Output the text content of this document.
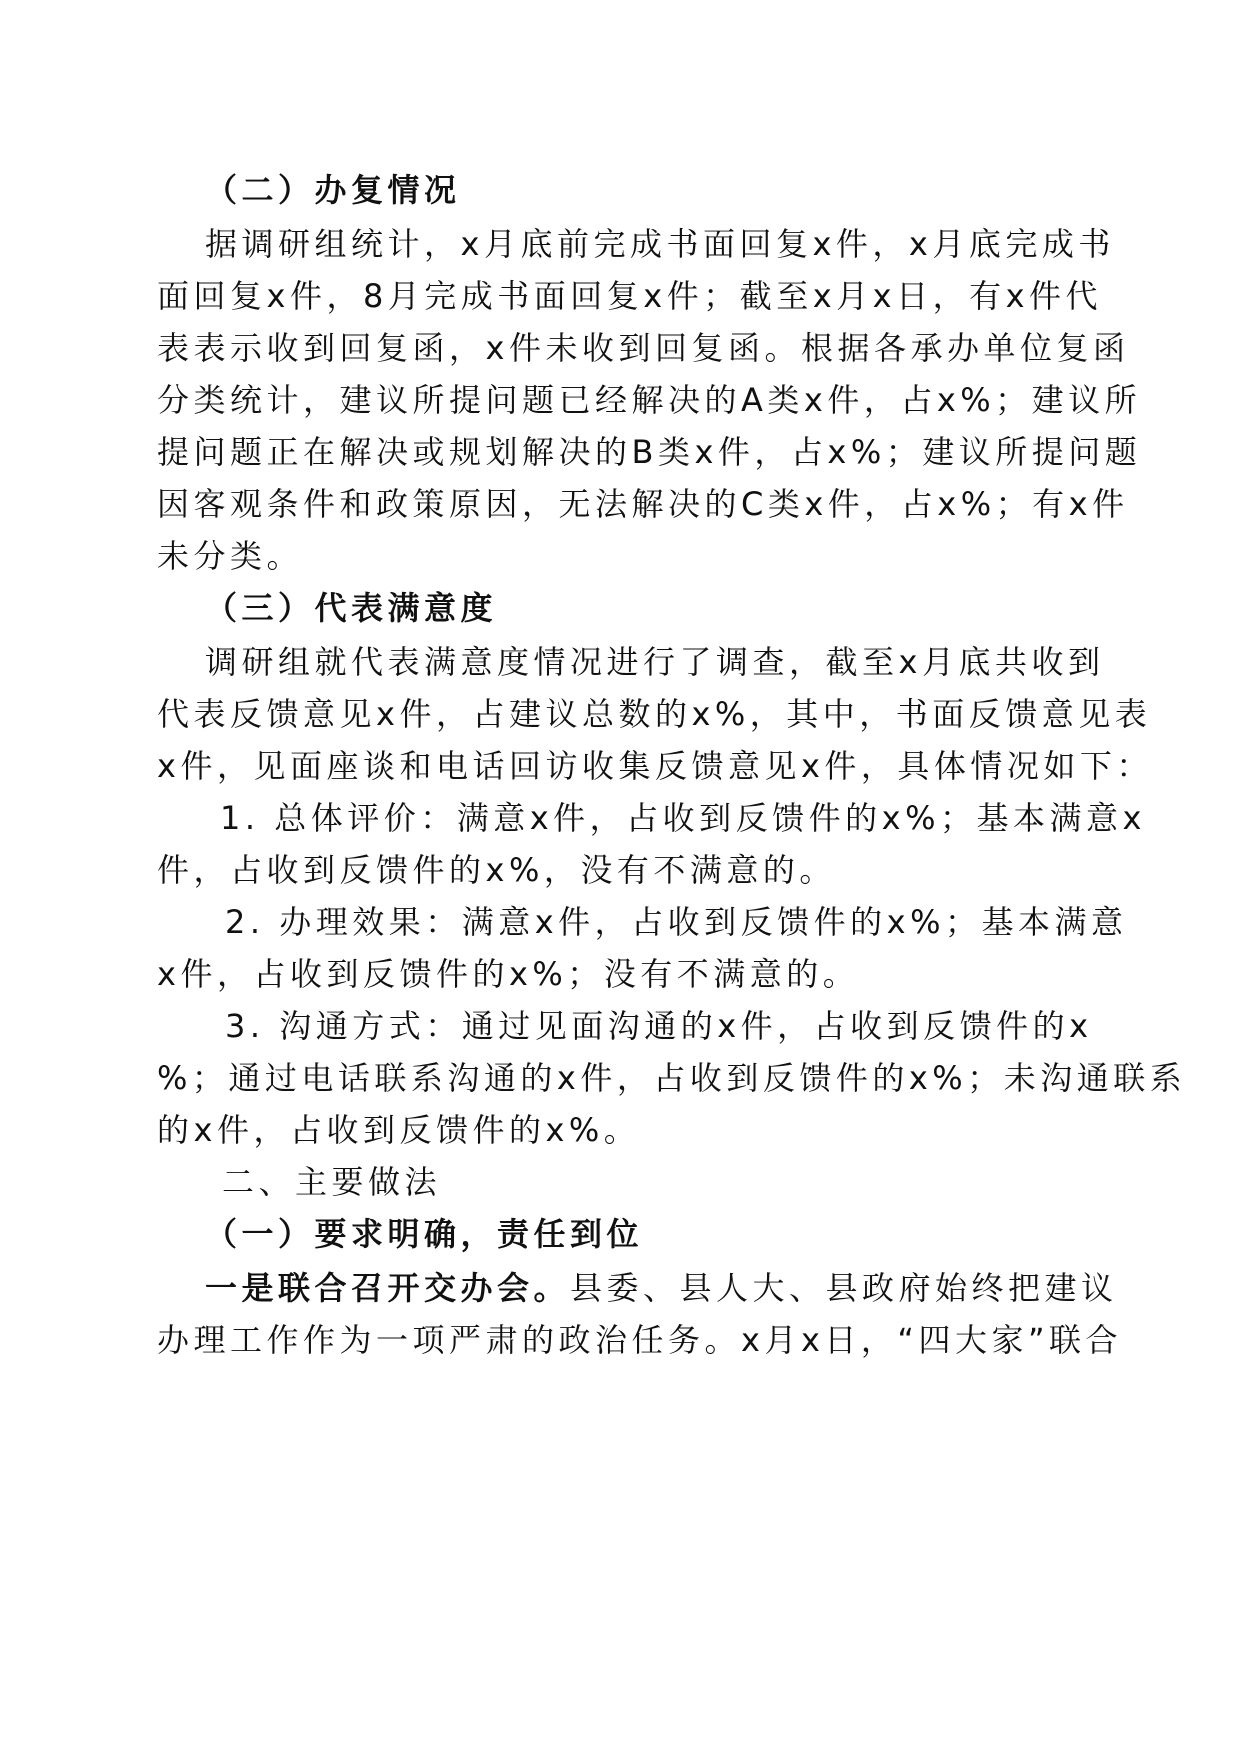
（二）办复情况
据调研组统计，x月底前完成书面回复x件，x月底完成书
面回复x件，8月完成书面回复x件；截至x月x日，有x件代
表表示收到回复函，x件未收到回复函。根据各承办单位复函
分类统计，建议所提问题已经解决的A类x件，占x%；建议所
提问题正在解决或规划解决的B类x件，占x%；建议所提问题
因客观条件和政策原因，无法解决的C类x件，占x%；有x件
未分类。
（三）代表满意度
调研组就代表满意度情况进行了调查，截至x月底共收到
代表反馈意见x件，占建议总数的x%，其中，书面反馈意见表
x件，见面座谈和电话回访收集反馈意见x件，具体情况如下：
1. 总体评价：满意x件，占收到反馈件的x%；基本满意x
件，占收到反馈件的x%，没有不满意的。
2. 办理效果：满意x件，占收到反馈件的x%；基本满意
x件，占收到反馈件的x%；没有不满意的。
3. 沟通方式：通过见面沟通的x件，占收到反馈件的x
%；通过电话联系沟通的x件，占收到反馈件的x%；未沟通联系
的x件，占收到反馈件的x%。
二、主要做法
（一）要求明确，责任到位
一是联合召开交办会。县委、县人大、县政府始终把建议
办理工作作为一项严肃的政治任务。x月x日，“四大家”联合
